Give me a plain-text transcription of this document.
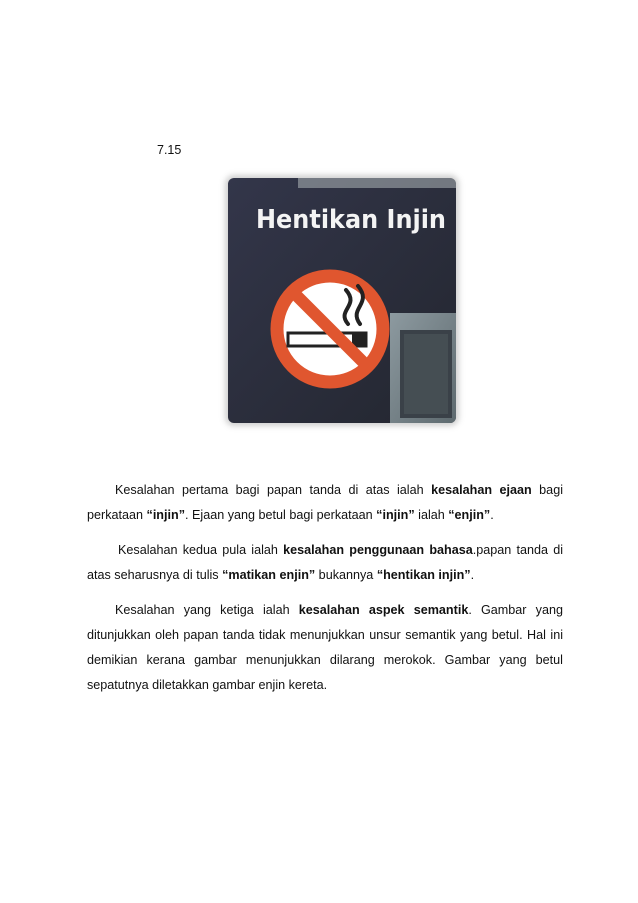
7.15
Hentikan Injin

Kesalahan pertama bagi papan tanda di atas ialah kesalahan ejaan bagi perkataan “injin”. Ejaan yang betul bagi perkataan “injin” ialah “enjin”.

Kesalahan kedua pula ialah kesalahan penggunaan bahasa.papan tanda di atas seharusnya di tulis “matikan enjin” bukannya “hentikan injin”.

Kesalahan yang ketiga ialah kesalahan aspek semantik. Gambar yang ditunjukkan oleh papan tanda tidak menunjukkan unsur semantik yang betul. Hal ini demikian kerana gambar menunjukkan dilarang merokok. Gambar yang betul sepatutnya diletakkan gambar enjin kereta.
